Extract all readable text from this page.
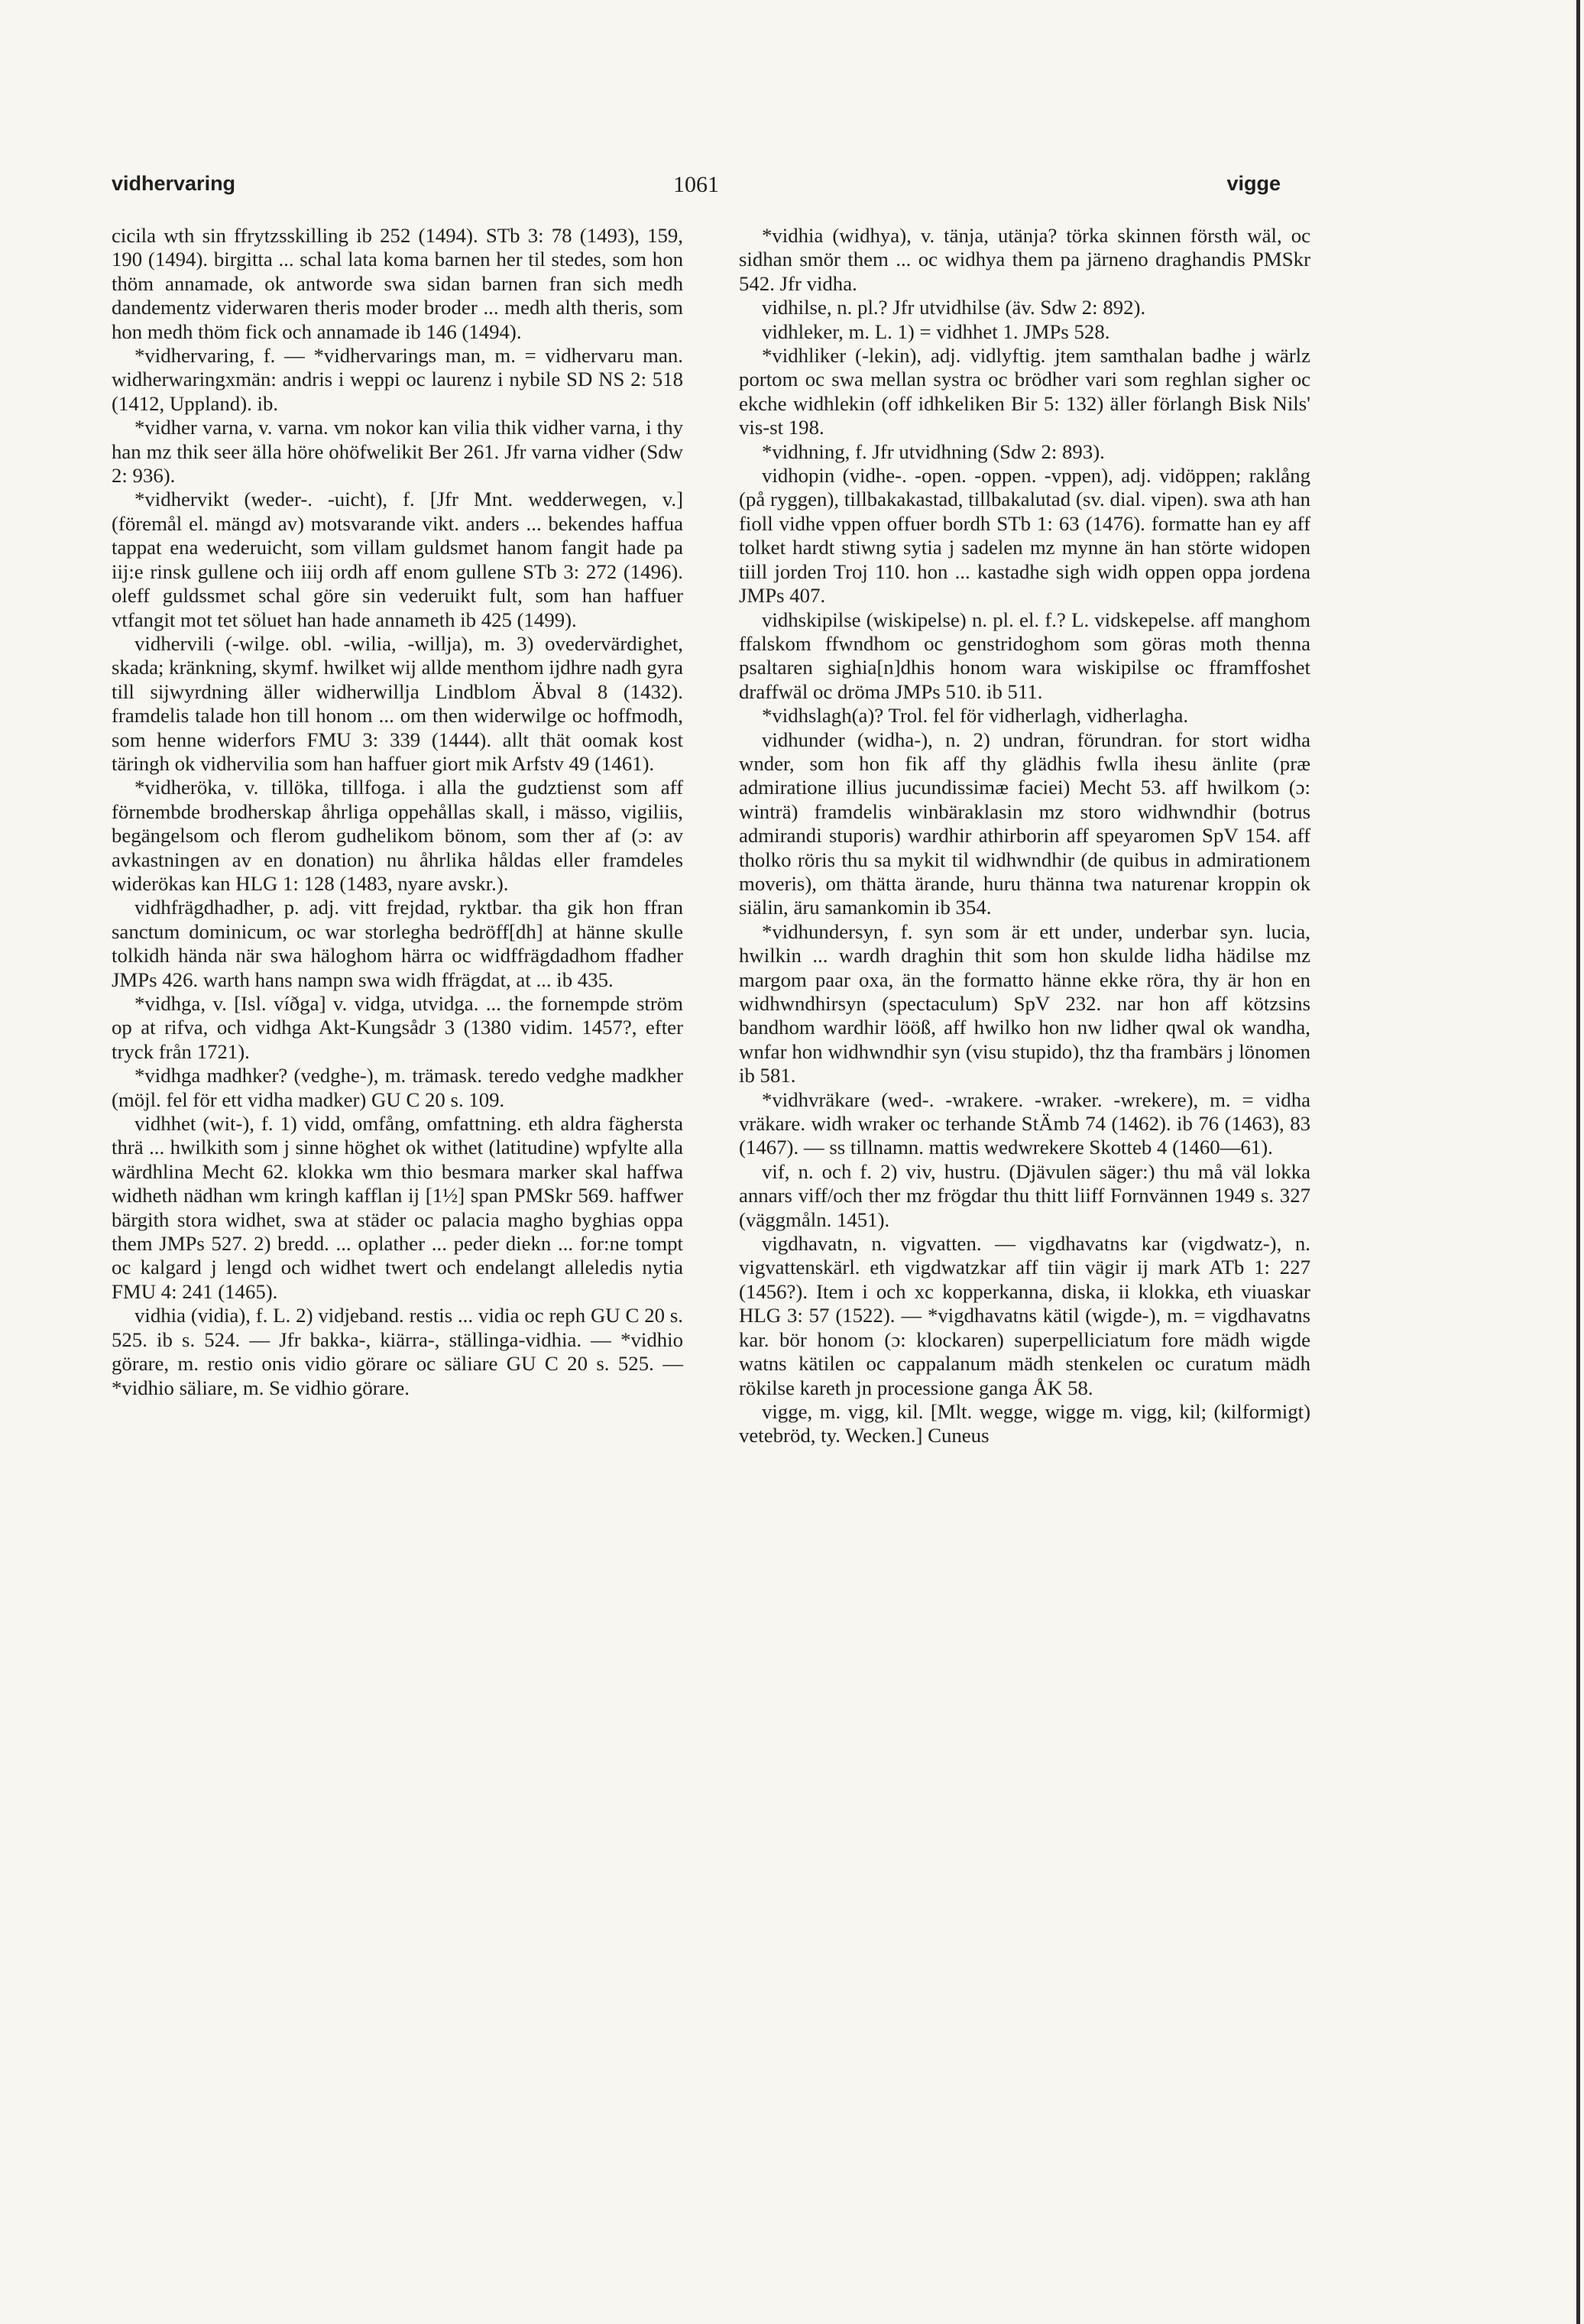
vidhervaring	1061	vigge

cicila wth sin ffrytzsskilling ib 252 (1494). STb 3: 78 (1493), 159, 190 (1494). birgitta ... schal lata koma barnen her til stedes, som hon thöm annamade, ok antworde swa sidan barnen fran sich medh dandementz viderwaren theris moder broder ... medh alth theris, som hon medh thöm fick och annamade ib 146 (1494).

*vidhervaring, f. — *vidhervarings man, m. = vidhervaru man. widherwaringxmän: andris i weppi oc laurenz i nybile SD NS 2: 518 (1412, Uppland). ib.

*vidher varna, v. varna. vm nokor kan vilia thik vidher varna, i thy han mz thik seer älla höre ohöfwelikit Ber 261. Jfr varna vidher (Sdw 2: 936).

*vidhervikt (weder-. -uicht), f. [Jfr Mnt. wedderwegen, v.] (föremål el. mängd av) motsvarande vikt. anders ... bekendes haffua tappat ena wederuicht, som villam guldsmet hanom fangit hade pa iij:e rinsk gullene och iiij ordh aff enom gullene STb 3: 272 (1496). oleff guldssmet schal göre sin vederuikt fult, som han haffuer vtfangit mot tet söluet han hade annameth ib 425 (1499).

vidhervili (-wilge. obl. -wilia, -willja), m. 3) ovedervärdighet, skada; kränkning, skymf. hwilket wij allde menthom ijdhre nadh gyra till sijwyrdning äller widherwillja Lindblom Äbval 8 (1432). framdelis talade hon till honom ... om then widerwilge oc hoffmodh, som henne widerfors FMU 3: 339 (1444). allt thät oomak kost täringh ok vidhervilia som han haffuer giort mik Arfstv 49 (1461).

*vidheröka, v. tillöka, tillfoga. i alla the gudztienst som aff förnembde brodherskap åhrliga oppehållas skall, i mässo, vigiliis, begängelsom och flerom gudhelikom bönom, som ther af (ɔ: av avkastningen av en donation) nu åhrlika håldas eller framdeles widerökas kan HLG 1: 128 (1483, nyare avskr.).

vidhfrägdhadher, p. adj. vitt frejdad, ryktbar. tha gik hon ffran sanctum dominicum, oc war storlegha bedröff[dh] at hänne skulle tolkidh hända när swa häloghom härra oc widffrägdadhom ffadher JMPs 426. warth hans nampn swa widh ffrägdat, at ... ib 435.

*vidhga, v. [Isl. víðga] v. vidga, utvidga. ... the fornempde ström op at rifva, och vidhga Akt-Kungsådr 3 (1380 vidim. 1457?, efter tryck från 1721).

*vidhga madhker? (vedghe-), m. trämask. teredo vedghe madkher (möjl. fel för ett vidha madker) GU C 20 s. 109.

vidhhet (wit-), f. 1) vidd, omfång, omfattning. eth aldra fäghersta thrä ... hwilkith som j sinne höghet ok withet (latitudine) wpfylte alla wärdhlina Mecht 62. klokka wm thio besmara marker skal haffwa widheth nädhan wm kringh kafflan ij [1½] span PMSkr 569. haffwer bärgith stora widhet, swa at städer oc palacia magho byghias oppa them JMPs 527. 2) bredd. ... oplather ... peder diekn ... for:ne tompt oc kalgard j lengd och widhet twert och endelangt alleledis nytia FMU 4: 241 (1465).

vidhia (vidia), f. L. 2) vidjeband. restis ... vidia oc reph GU C 20 s. 525. ib s. 524. — Jfr bakka-, kiärra-, ställinga-vidhia. — *vidhio görare, m. restio onis vidio görare oc säliare GU C 20 s. 525. — *vidhio säliare, m. Se vidhio görare.

*vidhia (widhya), v. tänja, utänja? törka skinnen försth wäl, oc sidhan smör them ... oc widhya them pa järneno draghandis PMSkr 542. Jfr vidha.

vidhilse, n. pl.? Jfr utvidhilse (äv. Sdw 2: 892).

vidhleker, m. L. 1) = vidhhet 1. JMPs 528.

*vidhliker (-lekin), adj. vidlyftig. jtem samthalan badhe j wärlz portom oc swa mellan systra oc brödher vari som reghlan sigher oc ekche widhlekin (off idhkeliken Bir 5: 132) äller förlangh Bisk Nils' vis-st 198.

*vidhning, f. Jfr utvidhning (Sdw 2: 893).

vidhopin (vidhe-. -open. -oppen. -vppen), adj. vidöppen; raklång (på ryggen), tillbakakastad, tillbakalutad (sv. dial. vipen). swa ath han fioll vidhe vppen offuer bordh STb 1: 63 (1476). formatte han ey aff tolket hardt stiwng sytia j sadelen mz mynne än han störte widopen tiill jorden Troj 110. hon ... kastadhe sigh widh oppen oppa jordena JMPs 407.

vidhskipilse (wiskipelse) n. pl. el. f.? L. vidskepelse. aff manghom ffalskom ffwndhom oc genstridoghom som göras moth thenna psaltaren sighia[n]dhis honom wara wiskipilse oc fframffoshet draffwäl oc dröma JMPs 510. ib 511.

*vidhslagh(a)? Trol. fel för vidherlagh, vidherlagha.

vidhunder (widha-), n. 2) undran, förundran. for stort widha wnder, som hon fik aff thy glädhis fwlla ihesu änlite (præ admiratione illius jucundissimæ faciei) Mecht 53. aff hwilkom (ɔ: winträ) framdelis winbäraklasin mz storo widhwndhir (botrus admirandi stuporis) wardhir athirborin aff speyaromen SpV 154. aff tholko röris thu sa mykit til widhwndhir (de quibus in admirationem moveris), om thätta ärande, huru thänna twa naturenar kroppin ok siälin, äru samankomin ib 354.

*vidhundersyn, f. syn som är ett under, underbar syn. lucia, hwilkin ... wardh draghin thit som hon skulde lidha hädilse mz margom paar oxa, än the formatto hänne ekke röra, thy är hon en widhwndhirsyn (spectaculum) SpV 232. nar hon aff kötzsins bandhom wardhir lööß, aff hwilko hon nw lidher qwal ok wandha, wnfar hon widhwndhir syn (visu stupido), thz tha frambärs j lönomen ib 581.

*vidhvräkare (wed-. -wrakere. -wraker. -wrekere), m. = vidha vräkare. widh wraker oc terhande StÄmb 74 (1462). ib 76 (1463), 83 (1467). — ss tillnamn. mattis wedwrekere Skotteb 4 (1460—61).

vif, n. och f. 2) viv, hustru. (Djävulen säger:) thu må väl lokka annars viff/och ther mz frögdar thu thitt liiff Fornvännen 1949 s. 327 (väggmåln. 1451).

vigdhavatn, n. vigvatten. — vigdhavatns kar (vigdwatz-), n. vigvattenskärl. eth vigdwatzkar aff tiin vägir ij mark ATb 1: 227 (1456?). Item i och xc kopperkanna, diska, ii klokka, eth viuaskar HLG 3: 57 (1522). — *vigdhavatns kätil (wigde-), m. = vigdhavatns kar. bör honom (ɔ: klockaren) superpelliciatum fore mädh wigde watns kätilen oc cappalanum mädh stenkelen oc curatum mädh rökilse kareth jn processione ganga ÅK 58.

vigge, m. vigg, kil. [Mlt. wegge, wigge m. vigg, kil; (kilformigt) vetebröd, ty. Wecken.] Cuneus
